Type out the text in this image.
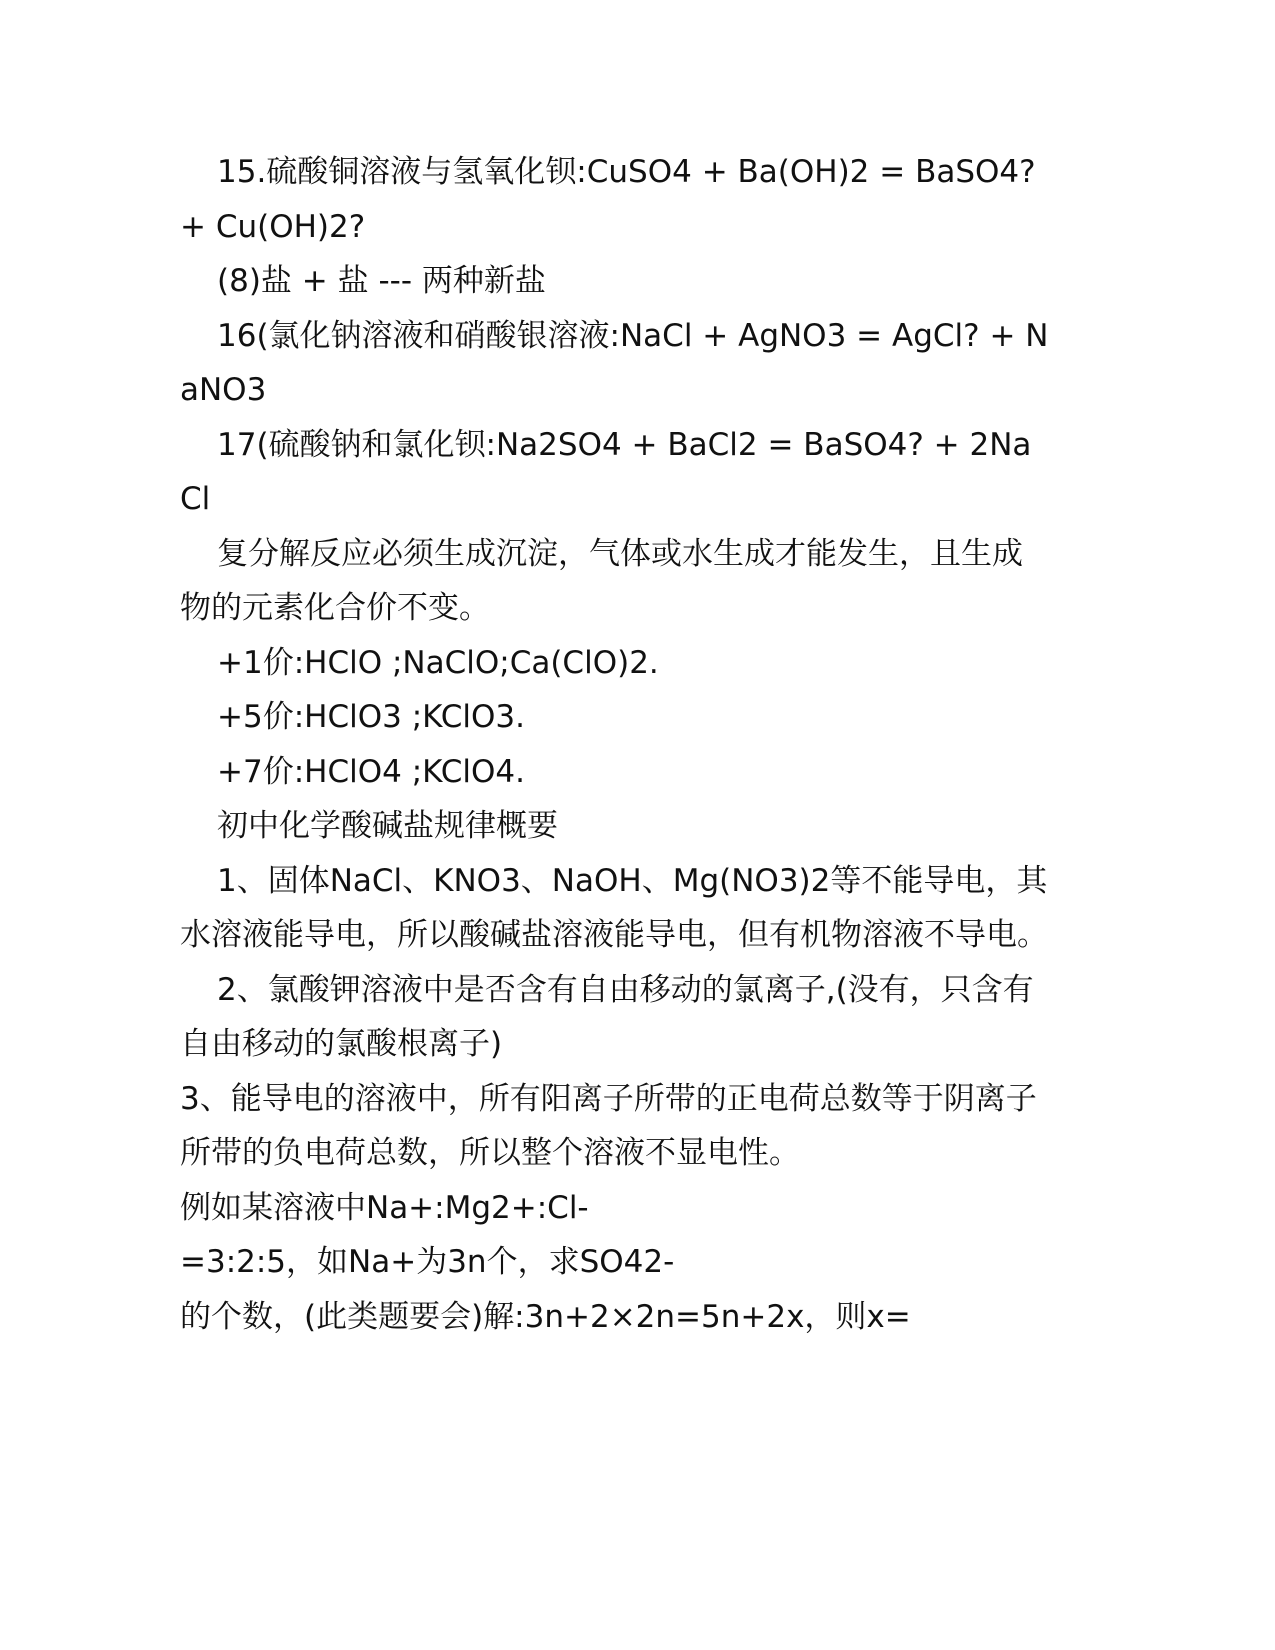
15.硫酸铜溶液与氢氧化钡:CuSO4 + Ba(OH)2 = BaSO4?+ Cu(OH)2?

(8)盐 + 盐 --- 两种新盐

16(氯化钠溶液和硝酸银溶液:NaCl + AgNO3 = AgCl? + NaNO3

17(硫酸钠和氯化钡:Na2SO4 + BaCl2 = BaSO4? + 2NaCl

复分解反应必须生成沉淀，气体或水生成才能发生，且生成物的元素化合价不变。

+1价:HClO ;NaClO;Ca(ClO)2.

+5价:HClO3 ;KClO3.

+7价:HClO4 ;KClO4.

初中化学酸碱盐规律概要

1、固体NaCl、KNO3、NaOH、Mg(NO3)2等不能导电，其水溶液能导电，所以酸碱盐溶液能导电，但有机物溶液不导电。

2、氯酸钾溶液中是否含有自由移动的氯离子,(没有，只含有自由移动的氯酸根离子)

3、能导电的溶液中，所有阳离子所带的正电荷总数等于阴离子所带的负电荷总数，所以整个溶液不显电性。

例如某溶液中Na+:Mg2+:Cl-

=3:2:5，如Na+为3n个，求SO42-

的个数，(此类题要会)解:3n+2×2n=5n+2x，则x=
